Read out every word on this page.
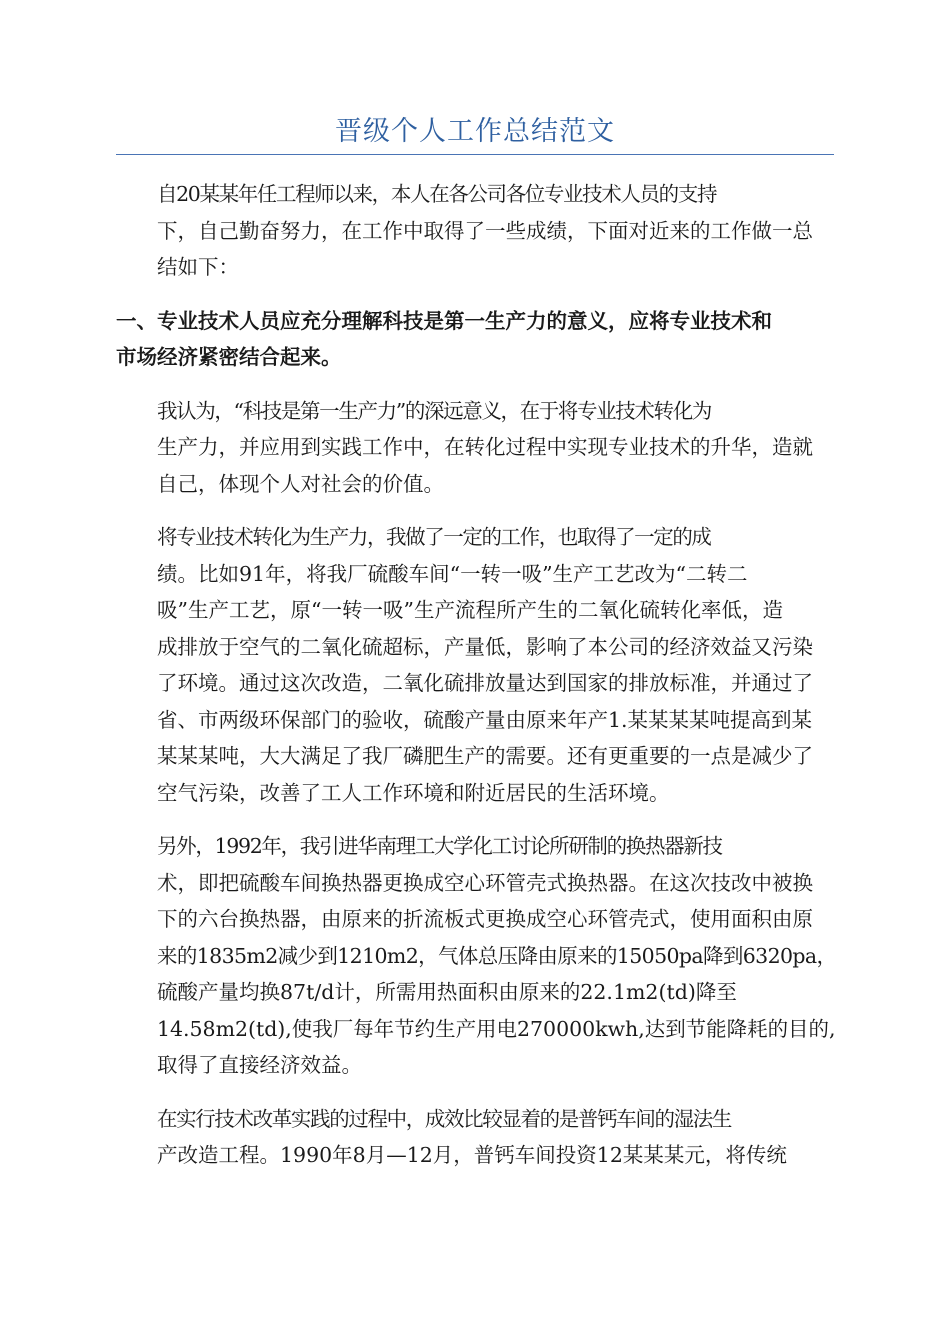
晋级个人工作总结范文
自20某某年任工程师以来，本人在各公司各位专业技术人员的支持
下，自己勤奋努力，在工作中取得了一些成绩，下面对近来的工作做一总
结如下：
一、专业技术人员应充分理解科技是第一生产力的意义，应将专业技术和
市场经济紧密结合起来。
我认为，“科技是第一生产力”的深远意义，在于将专业技术转化为
生产力，并应用到实践工作中，在转化过程中实现专业技术的升华，造就
自己，体现个人对社会的价值。
将专业技术转化为生产力，我做了一定的工作，也取得了一定的成
绩。比如91年，将我厂硫酸车间“一转一吸”生产工艺改为“二转二
吸”生产工艺，原“一转一吸”生产流程所产生的二氧化硫转化率低，造
成排放于空气的二氧化硫超标，产量低，影响了本公司的经济效益又污染
了环境。通过这次改造，二氧化硫排放量达到国家的排放标准，并通过了
省、市两级环保部门的验收，硫酸产量由原来年产1.某某某某吨提高到某
某某某吨，大大满足了我厂磷肥生产的需要。还有更重要的一点是减少了
空气污染，改善了工人工作环境和附近居民的生活环境。
另外，1992年，我引进华南理工大学化工讨论所研制的换热器新技
术，即把硫酸车间换热器更换成空心环管壳式换热器。在这次技改中被换
下的六台换热器，由原来的折流板式更换成空心环管壳式，使用面积由原
来的1835m2减少到1210m2，气体总压降由原来的15050pa降到6320pa，
硫酸产量均换87t/d计，所需用热面积由原来的22.1m2(td)降至
14.58m2(td),使我厂每年节约生产用电270000kwh,达到节能降耗的目的,
取得了直接经济效益。
在实行技术改革实践的过程中，成效比较显着的是普钙车间的湿法生
产改造工程。1990年8月—12月，普钙车间投资12某某某元，将传统
